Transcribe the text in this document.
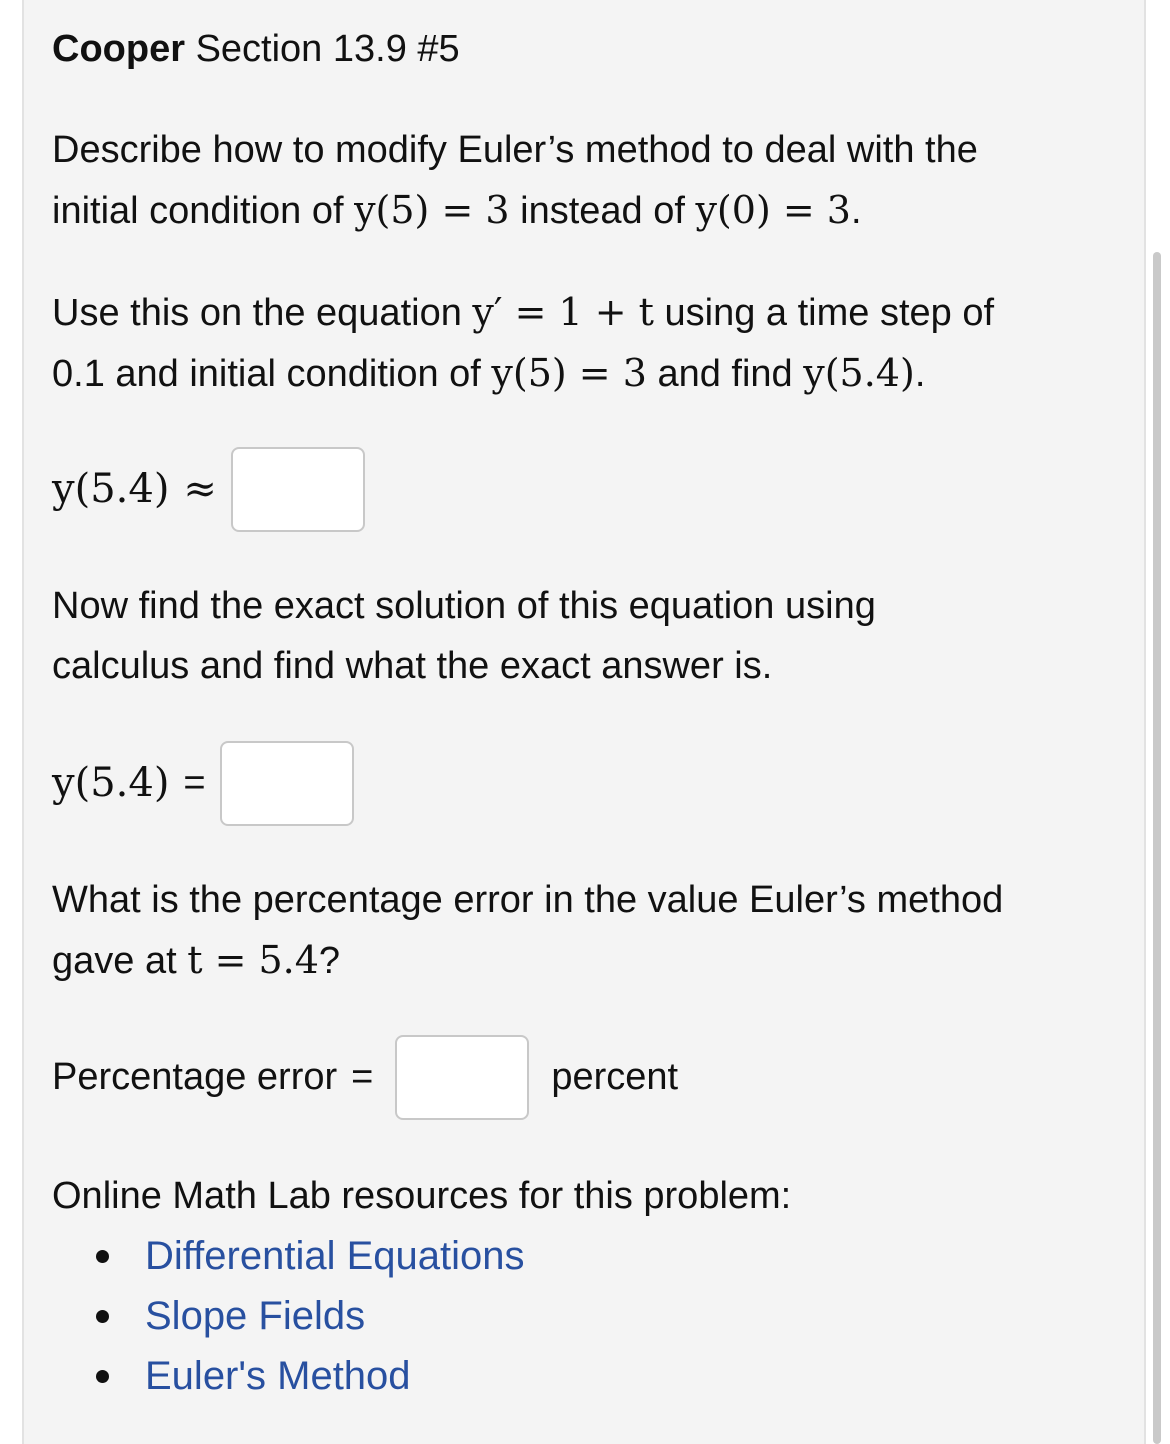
Cooper Section 13.9 #5
Describe how to modify Euler’s method to deal with the
initial condition of y(5) = 3 instead of y(0) = 3.
Use this on the equation y′ = 1 + t using a time step of
0.1 and initial condition of y(5) = 3 and find y(5.4).
y(5.4) ≈
Now find the exact solution of this equation using
calculus and find what the exact answer is.
y(5.4) =
What is the percentage error in the value Euler’s method
gave at t = 5.4?
Percentage error =	percent
Online Math Lab resources for this problem:
Differential Equations
Slope Fields
Euler's Method
